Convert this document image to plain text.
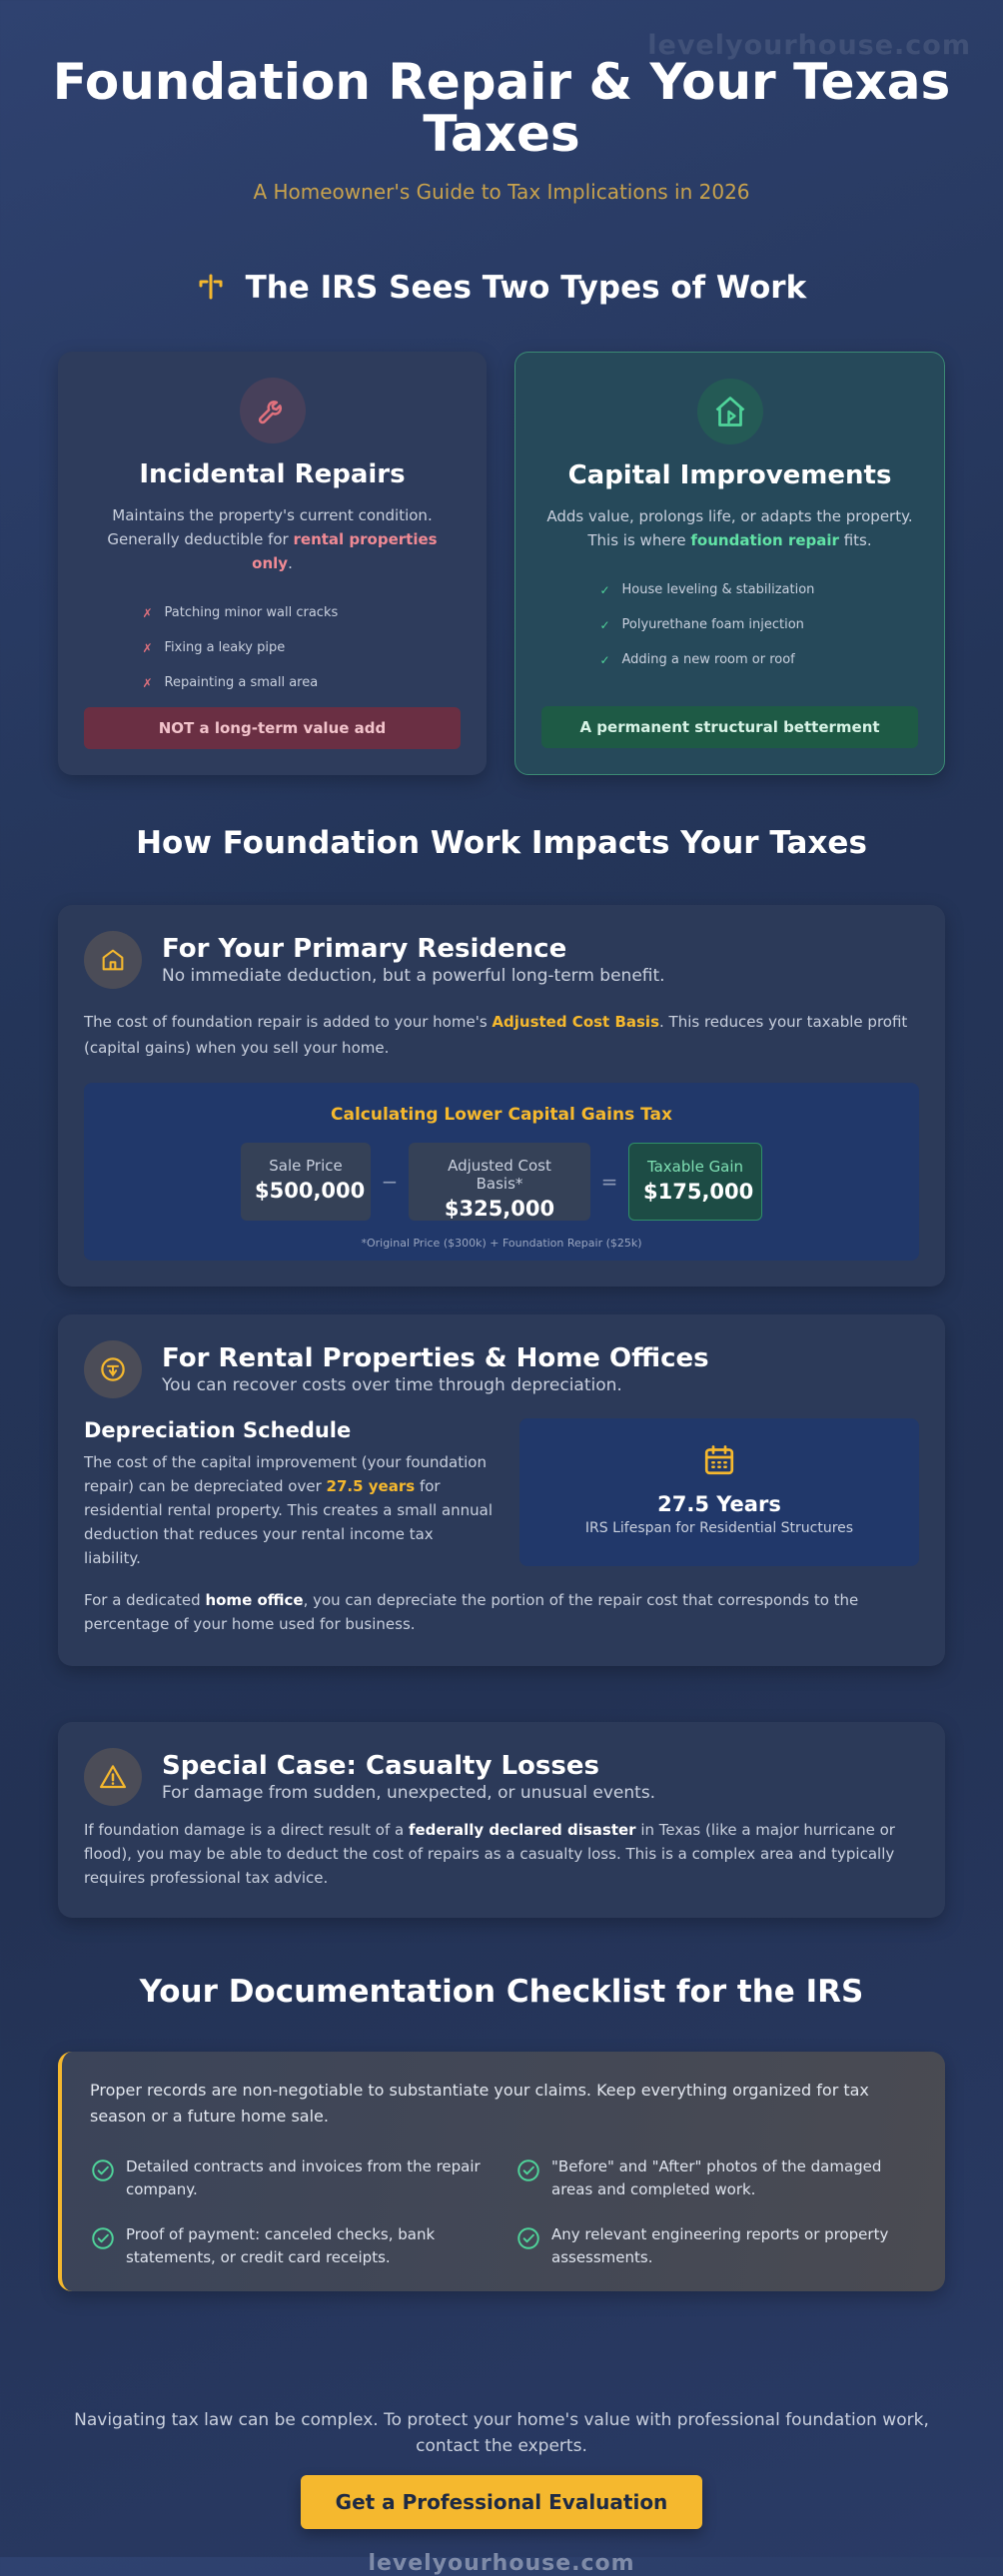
levelyourhouse.com
Foundation Repair & Your Texas Taxes
A Homeowner's Guide to Tax Implications in 2026
The IRS Sees Two Types of Work
Incidental Repairs
Maintains the property's current condition. Generally deductible for rental properties only.
✗ Patching minor wall cracks
✗ Fixing a leaky pipe
✗ Repainting a small area
NOT a long-term value add
Capital Improvements
Adds value, prolongs life, or adapts the property. This is where foundation repair fits.
✓ House leveling & stabilization
✓ Polyurethane foam injection
✓ Adding a new room or roof
A permanent structural betterment
How Foundation Work Impacts Your Taxes
For Your Primary Residence
No immediate deduction, but a powerful long-term benefit.
The cost of foundation repair is added to your home's Adjusted Cost Basis. This reduces your taxable profit (capital gains) when you sell your home.
Calculating Lower Capital Gains Tax
Sale Price
$500,000 −
Adjusted Cost Basis*
$325,000
=
Taxable Gain
$175,000
*Original Price ($300k) + Foundation Repair ($25k)
For Rental Properties & Home Offices
You can recover costs over time through depreciation.
Depreciation Schedule
The cost of the capital improvement (your foundation repair) can be depreciated over 27.5 years for residential rental property. This creates a small annual deduction that reduces your rental income tax liability.
27.5 Years
IRS Lifespan for Residential Structures
For a dedicated home office, you can depreciate the portion of the repair cost that corresponds to the percentage of your home used for business.
Special Case: Casualty Losses
For damage from sudden, unexpected, or unusual events.
If foundation damage is a direct result of a federally declared disaster in Texas (like a major hurricane or flood), you may be able to deduct the cost of repairs as a casualty loss. This is a complex area and typically requires professional tax advice.
Your Documentation Checklist for the IRS
Proper records are non-negotiable to substantiate your claims. Keep everything organized for tax season or a future home sale.
Detailed contracts and invoices from the repair company.
"Before" and "After" photos of the damaged areas and completed work.
Proof of payment: canceled checks, bank statements, or credit card receipts.
Any relevant engineering reports or property assessments.
Navigating tax law can be complex. To protect your home's value with professional foundation work, contact the experts.
Get a Professional Evaluation
levelyourhouse.com
